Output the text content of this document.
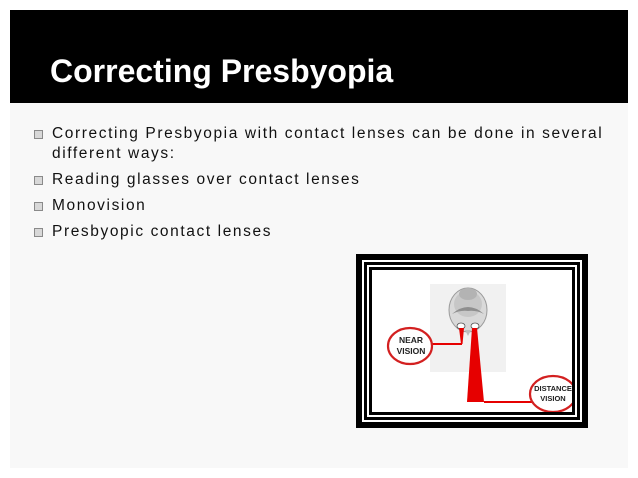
Correcting Presbyopia
Correcting Presbyopia with contact lenses can be done in several different ways:
Reading glasses over contact lenses
Monovision
Presbyopic contact lenses
NEAR
VISION
DISTANCE
VISION
